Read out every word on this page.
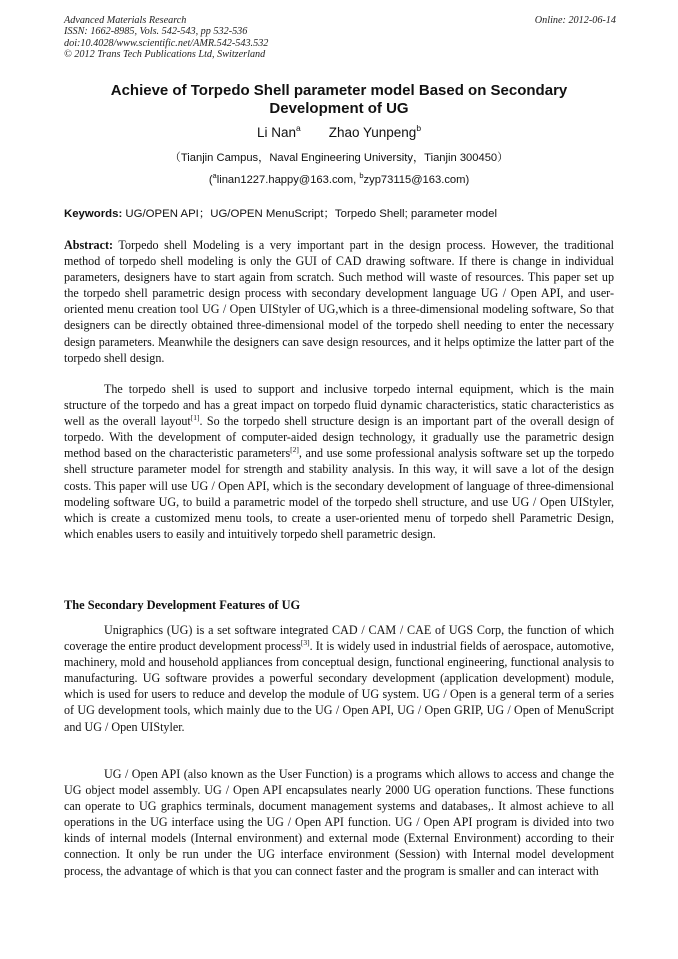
Advanced Materials Research
ISSN: 1662-8985, Vols. 542-543, pp 532-536
doi:10.4028/www.scientific.net/AMR.542-543.532
© 2012 Trans Tech Publications Ltd, Switzerland
Online: 2012-06-14
Achieve of Torpedo Shell parameter model Based on Secondary Development of UG
Li Nan$^a$ Zhao Yunpeng$^b$
（Tianjin Campus，Naval Engineering University，Tianjin 300450）
($^a$linan1227.happy@163.com, $^b$zyp73115@163.com)
Keywords: UG/OPEN API；UG/OPEN MenuScript；Torpedo Shell; parameter model

Abstract: Torpedo shell Modeling is a very important part in the design process. However, the traditional method of torpedo shell modeling is only the GUI of CAD drawing software. If there is change in individual parameters, designers have to start again from scratch. Such method will waste of resources. This paper set up the torpedo shell parametric design process with secondary development language UG / Open API, and user-oriented menu creation tool UG / Open UIStyler of UG,which is a three-dimensional modeling software, So that designers can be directly obtained three-dimensional model of the torpedo shell needing to enter the necessary design parameters. Meanwhile the designers can save design resources, and it helps optimize the latter part of the torpedo shell design.

The torpedo shell is used to support and inclusive torpedo internal equipment, which is the main structure of the torpedo and has a great impact on torpedo fluid dynamic characteristics, static characteristics as well as the overall layout[1]. So the torpedo shell structure design is an important part of the overall design of torpedo. With the development of computer-aided design technology, it gradually use the parametric design method based on the characteristic parameters[2], and use some professional analysis software set up the torpedo shell structure parameter model for strength and stability analysis. In this way, it will save a lot of the design costs. This paper will use UG / Open API, which is the secondary development of language of three-dimensional modeling software UG, to build a parametric model of the torpedo shell structure, and use UG / Open UIStyler, which is create a customized menu tools, to create a user-oriented menu of torpedo shell Parametric Design, which enables users to easily and intuitively torpedo shell parametric design.

The Secondary Development Features of UG

Unigraphics (UG) is a set software integrated CAD / CAM / CAE of UGS Corp, the function of which coverage the entire product development process[3]. It is widely used in industrial fields of aerospace, automotive, machinery, mold and household appliances from conceptual design, functional engineering, functional analysis to manufacturing. UG software provides a powerful secondary development (application development) module, which is used for users to reduce and develop the module of UG system. UG / Open is a general term of a series of UG development tools, which mainly due to the UG / Open API, UG / Open GRIP, UG / Open of MenuScript and UG / Open UIStyler.

UG / Open API (also known as the User Function) is a programs which allows to access and change the UG object model assembly. UG / Open API encapsulates nearly 2000 UG operation functions. These functions can operate to UG graphics terminals, document management systems and databases,. It almost achieve to all operations in the UG interface using the UG / Open API function. UG / Open API program is divided into two kinds of internal models (Internal environment) and external mode (External Environment) according to their connection. It only be run under the UG interface environment (Session) with Internal model development process, the advantage of which is that you can connect faster and the program is smaller and can interact with
